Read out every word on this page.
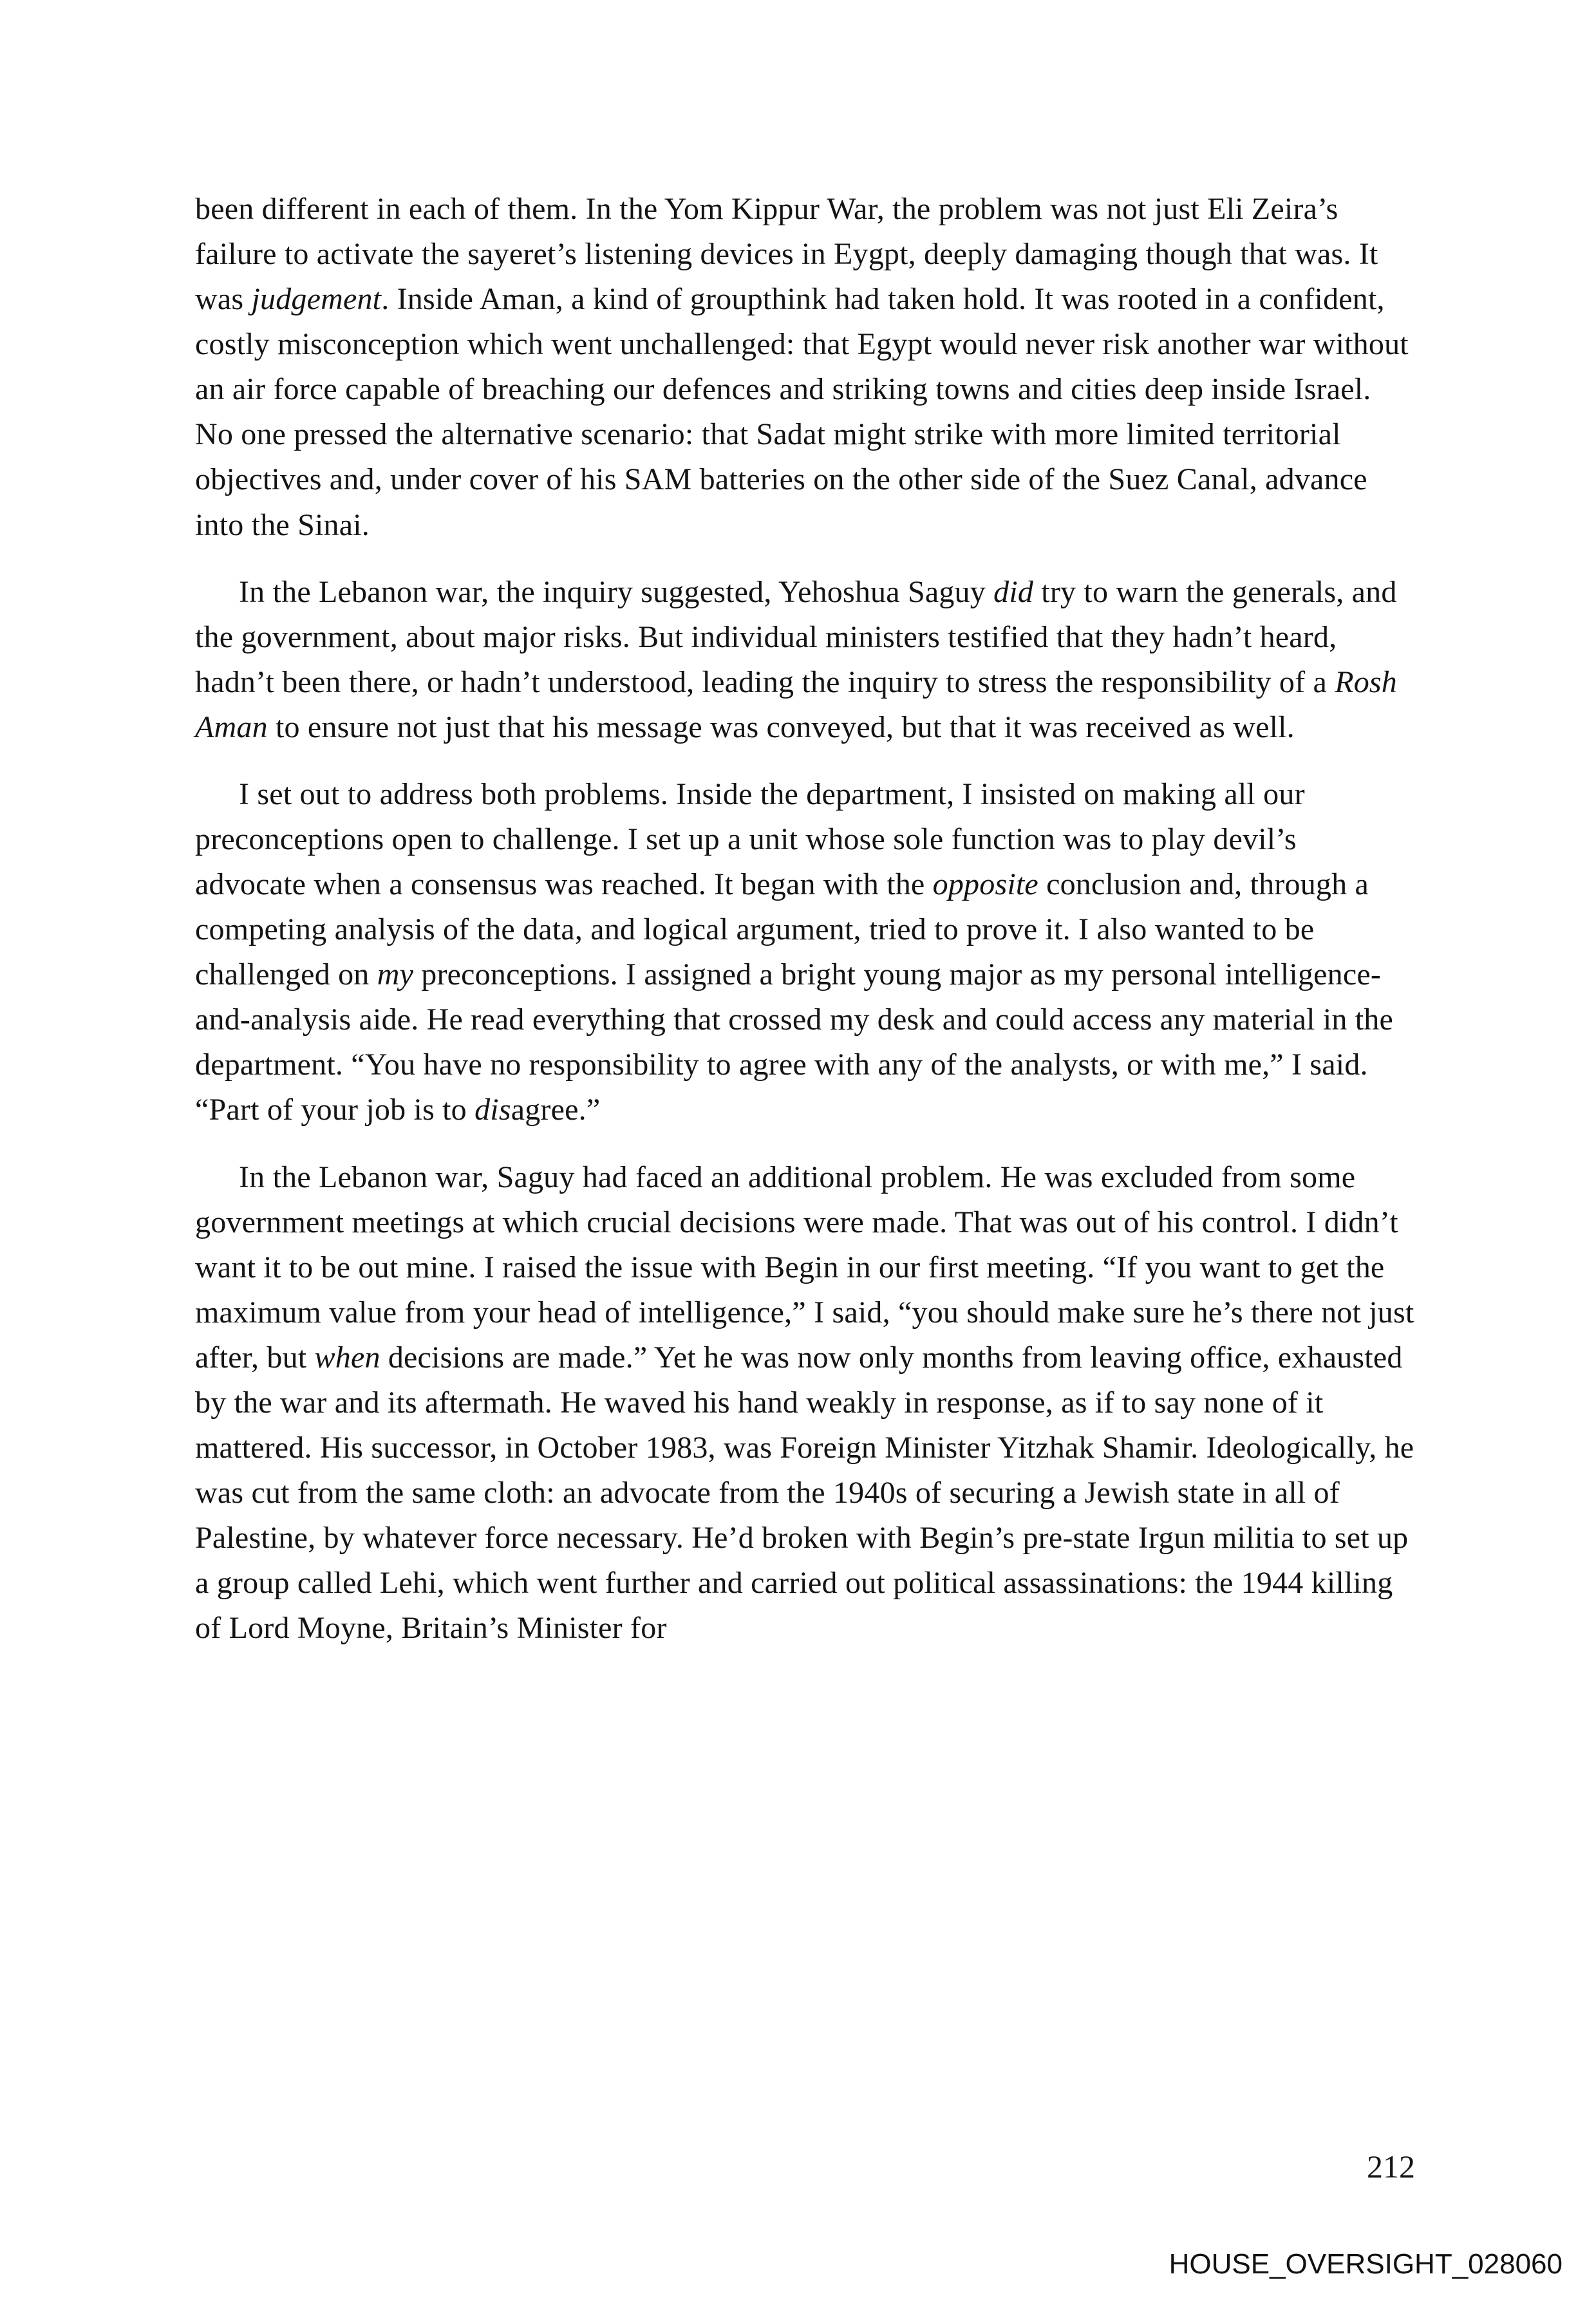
been different in each of them. In the Yom Kippur War, the problem was not just Eli Zeira’s failure to activate the sayeret’s listening devices in Eygpt, deeply damaging though that was. It was judgement. Inside Aman, a kind of groupthink had taken hold. It was rooted in a confident, costly misconception which went unchallenged: that Egypt would never risk another war without an air force capable of breaching our defences and striking towns and cities deep inside Israel. No one pressed the alternative scenario: that Sadat might strike with more limited territorial objectives and, under cover of his SAM batteries on the other side of the Suez Canal, advance into the Sinai.

In the Lebanon war, the inquiry suggested, Yehoshua Saguy did try to warn the generals, and the government, about major risks. But individual ministers testified that they hadn’t heard, hadn’t been there, or hadn’t understood, leading the inquiry to stress the responsibility of a Rosh Aman to ensure not just that his message was conveyed, but that it was received as well.

I set out to address both problems. Inside the department, I insisted on making all our preconceptions open to challenge. I set up a unit whose sole function was to play devil’s advocate when a consensus was reached. It began with the opposite conclusion and, through a competing analysis of the data, and logical argument, tried to prove it. I also wanted to be challenged on my preconceptions. I assigned a bright young major as my personal intelligence-and-analysis aide. He read everything that crossed my desk and could access any material in the department. “You have no responsibility to agree with any of the analysts, or with me,” I said. “Part of your job is to disagree.”

In the Lebanon war, Saguy had faced an additional problem. He was excluded from some government meetings at which crucial decisions were made. That was out of his control. I didn’t want it to be out mine. I raised the issue with Begin in our first meeting. “If you want to get the maximum value from your head of intelligence,” I said, “you should make sure he’s there not just after, but when decisions are made.” Yet he was now only months from leaving office, exhausted by the war and its aftermath. He waved his hand weakly in response, as if to say none of it mattered. His successor, in October 1983, was Foreign Minister Yitzhak Shamir. Ideologically, he was cut from the same cloth: an advocate from the 1940s of securing a Jewish state in all of Palestine, by whatever force necessary. He’d broken with Begin’s pre-state Irgun militia to set up a group called Lehi, which went further and carried out political assassinations: the 1944 killing of Lord Moyne, Britain’s Minister for

212
HOUSE_OVERSIGHT_028060
